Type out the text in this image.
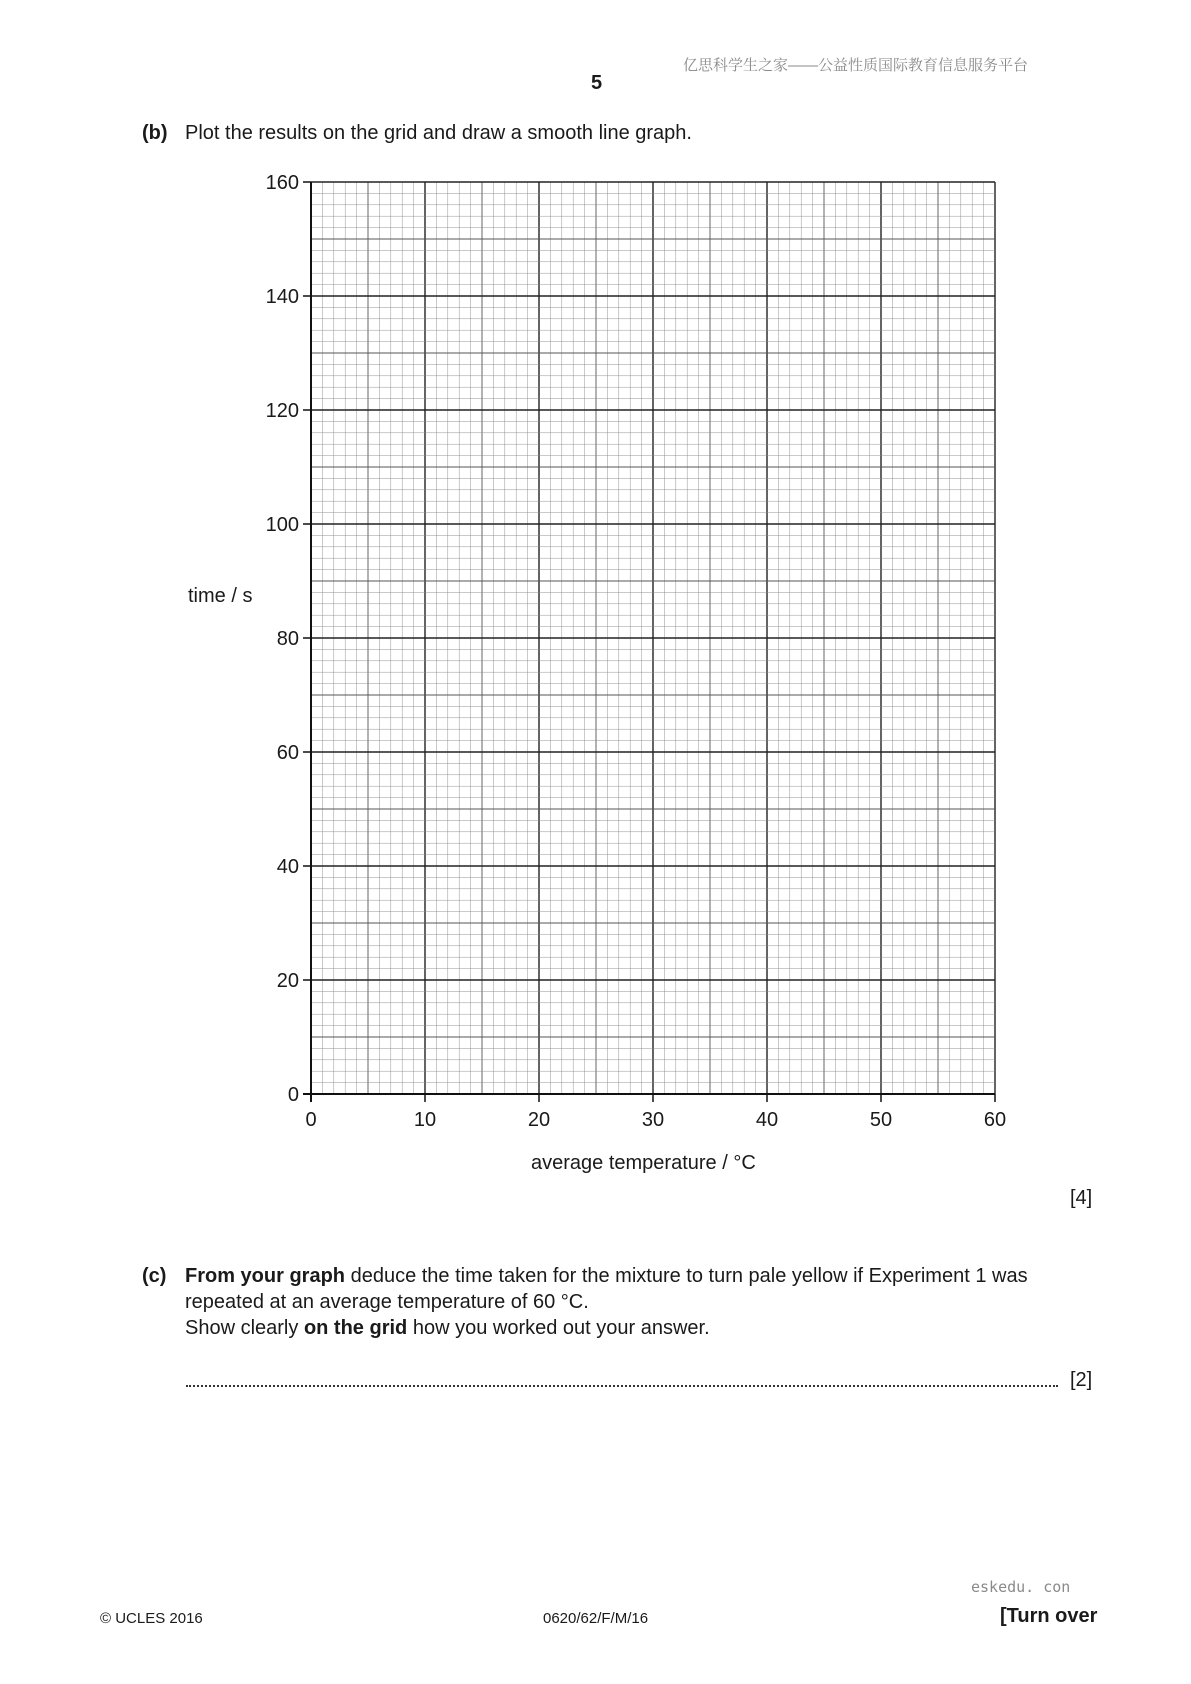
亿思科学生之家——公益性质国际教育信息服务平台
5
(b) Plot the results on the grid and draw a smooth line graph.
0	10	20	30	40	50	60
0
20
40
60
80
100
120
140
160
time / s
average temperature / °C
[4]
(c) From your graph deduce the time taken for the mixture to turn pale yellow if Experiment 1 was
repeated at an average temperature of 60 °C.
Show clearly on the grid how you worked out your answer.
[2]
eskedu. con
© UCLES 2016	0620/62/F/M/16	[Turn over
